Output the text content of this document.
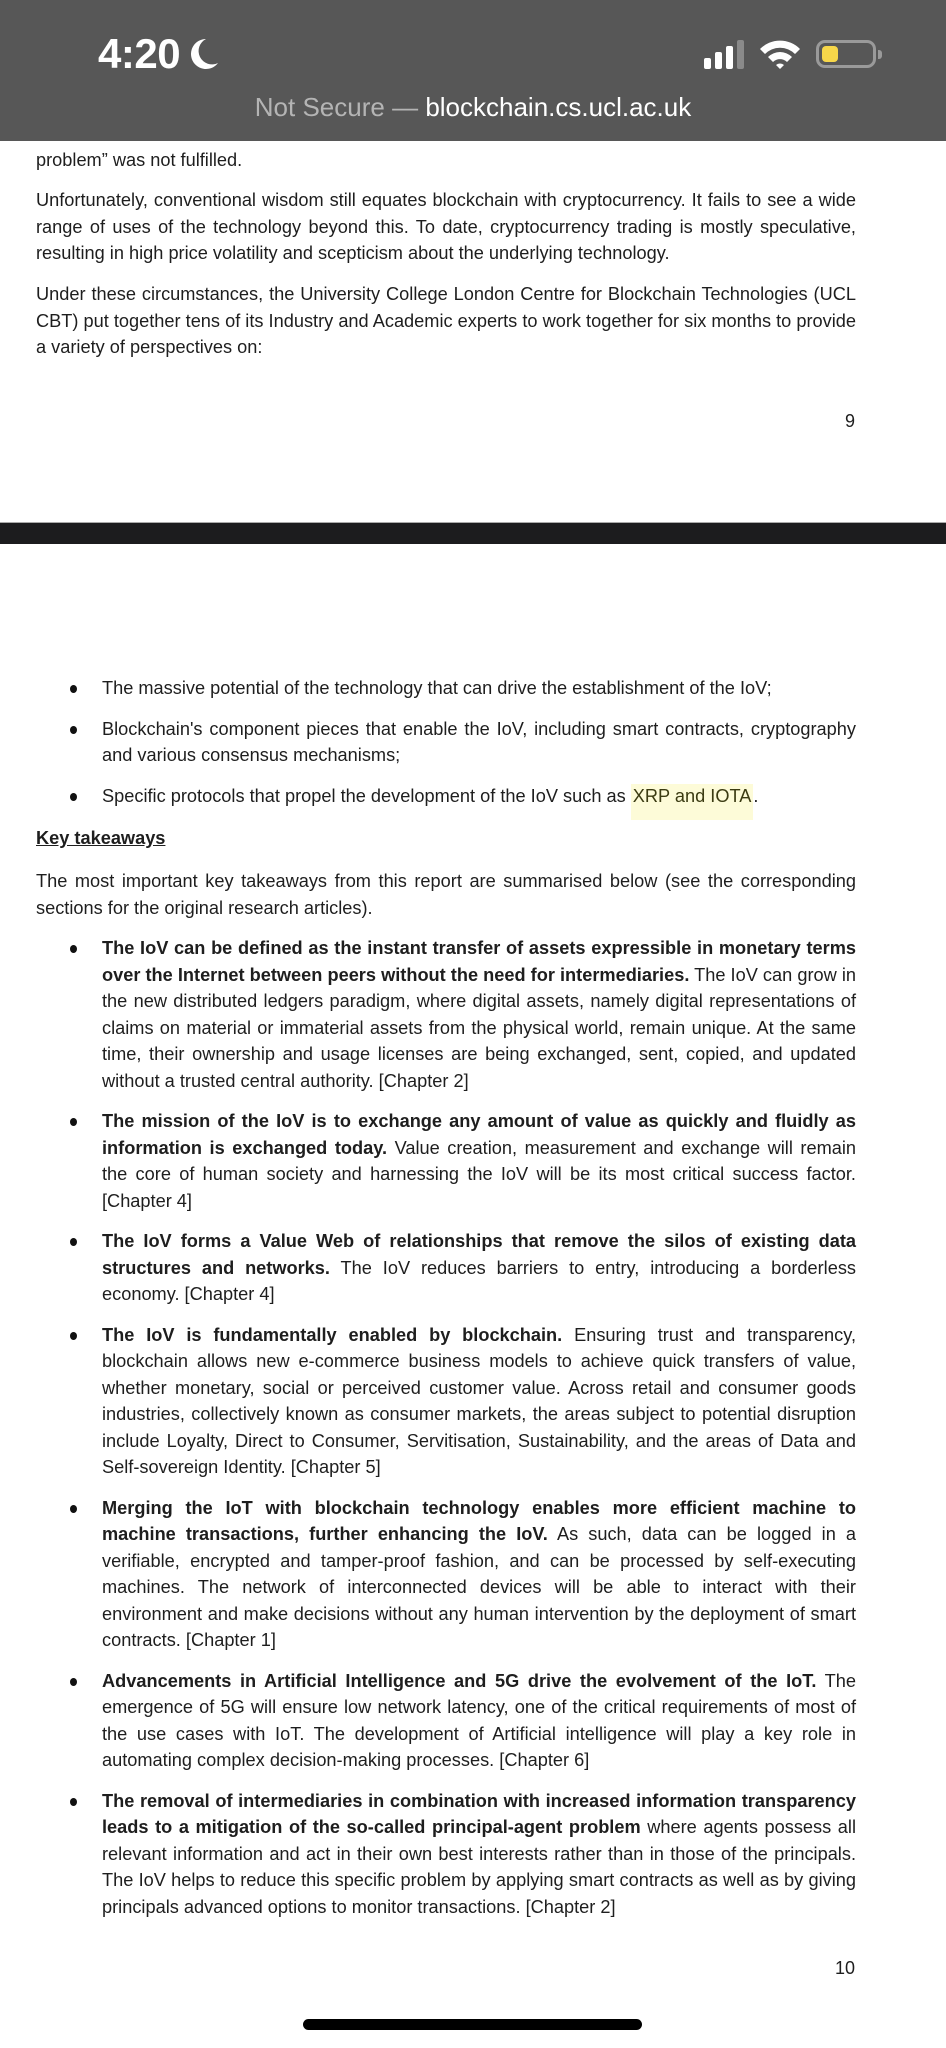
4:20
Not Secure — blockchain.cs.ucl.ac.uk

problem” was not fulfilled.

Unfortunately, conventional wisdom still equates blockchain with cryptocurrency. It fails to see a wide range of uses of the technology beyond this. To date, cryptocurrency trading is mostly speculative, resulting in high price volatility and scepticism about the underlying technology.

Under these circumstances, the University College London Centre for Blockchain Technologies (UCL CBT) put together tens of its Industry and Academic experts to work together for six months to provide a variety of perspectives on:

9
The massive potential of the technology that can drive the establishment of the IoV;
Blockchain's component pieces that enable the IoV, including smart contracts, cryptography and various consensus mechanisms;
Specific protocols that propel the development of the IoV such as XRP and IOTA .
Key takeaways

The most important key takeaways from this report are summarised below (see the corresponding sections for the original research articles).

The IoV can be defined as the instant transfer of assets expressible in monetary terms over the Internet between peers without the need for intermediaries. The IoV can grow in the new distributed ledgers paradigm, where digital assets, namely digital representations of claims on material or immaterial assets from the physical world, remain unique. At the same time, their ownership and usage licenses are being exchanged, sent, copied, and updated without a trusted central authority. [Chapter 2]
The mission of the IoV is to exchange any amount of value as quickly and fluidly as information is exchanged today. Value creation, measurement and exchange will remain the core of human society and harnessing the IoV will be its most critical success factor. [Chapter 4]
The IoV forms a Value Web of relationships that remove the silos of existing data structures and networks. The IoV reduces barriers to entry, introducing a borderless economy. [Chapter 4]
The IoV is fundamentally enabled by blockchain. Ensuring trust and transparency, blockchain allows new e-commerce business models to achieve quick transfers of value, whether monetary, social or perceived customer value. Across retail and consumer goods industries, collectively known as consumer markets, the areas subject to potential disruption include Loyalty, Direct to Consumer, Servitisation, Sustainability, and the areas of Data and Self-sovereign Identity. [Chapter 5]
Merging the IoT with blockchain technology enables more efficient machine to machine transactions, further enhancing the IoV. As such, data can be logged in a verifiable, encrypted and tamper-proof fashion, and can be processed by self-executing machines. The network of interconnected devices will be able to interact with their environment and make decisions without any human intervention by the deployment of smart contracts. [Chapter 1]
Advancements in Artificial Intelligence and 5G drive the evolvement of the IoT. The emergence of 5G will ensure low network latency, one of the critical requirements of most of the use cases with IoT. The development of Artificial intelligence will play a key role in automating complex decision-making processes. [Chapter 6]
The removal of intermediaries in combination with increased information transparency leads to a mitigation of the so-called principal-agent problem where agents possess all relevant information and act in their own best interests rather than in those of the principals. The IoV helps to reduce this specific problem by applying smart contracts as well as by giving principals advanced options to monitor transactions. [Chapter 2]
10
